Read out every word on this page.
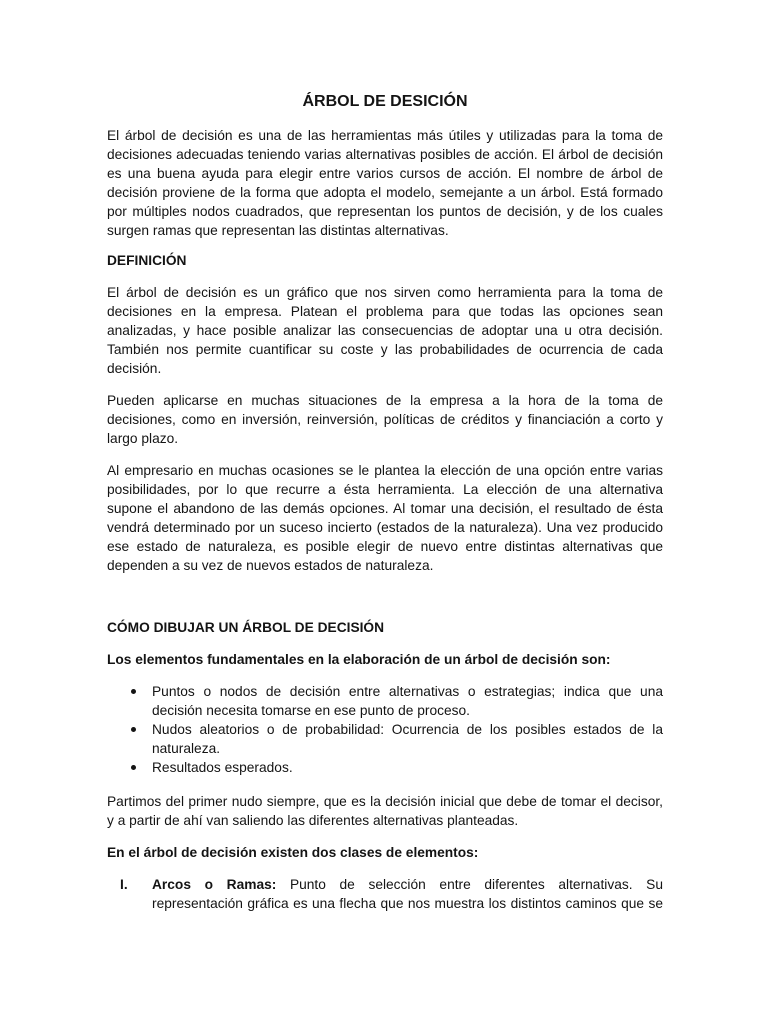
ÁRBOL DE DESICIÓN
El árbol de decisión es una de las herramientas más útiles y utilizadas para la toma de
decisiones adecuadas teniendo varias alternativas posibles de acción. El árbol de decisión
es una buena ayuda para elegir entre varios cursos de acción. El nombre de árbol de
decisión proviene de la forma que adopta el modelo, semejante a un árbol. Está formado
por múltiples nodos cuadrados, que representan los puntos de decisión, y de los cuales
surgen ramas que representan las distintas alternativas.
DEFINICIÓN
El árbol de decisión es un gráfico que nos sirven como herramienta para la toma de
decisiones en la empresa. Platean el problema para que todas las opciones sean
analizadas, y hace posible analizar las consecuencias de adoptar una u otra decisión.
También nos permite cuantificar su coste y las probabilidades de ocurrencia de cada
decisión.
Pueden aplicarse en muchas situaciones de la empresa a la hora de la toma de
decisiones, como en inversión, reinversión, políticas de créditos y financiación a corto y
largo plazo.
Al empresario en muchas ocasiones se le plantea la elección de una opción entre varias
posibilidades, por lo que recurre a ésta herramienta. La elección de una alternativa
supone el abandono de las demás opciones. Al tomar una decisión, el resultado de ésta
vendrá determinado por un suceso incierto (estados de la naturaleza). Una vez producido
ese estado de naturaleza, es posible elegir de nuevo entre distintas alternativas que
dependen a su vez de nuevos estados de naturaleza.
CÓMO DIBUJAR UN ÁRBOL DE DECISIÓN
Los elementos fundamentales en la elaboración de un árbol de decisión son:
Puntos o nodos de decisión entre alternativas o estrategias; indica que una
decisión necesita tomarse en ese punto de proceso.
Nudos aleatorios o de probabilidad: Ocurrencia de los posibles estados de la
naturaleza.
Resultados esperados.
Partimos del primer nudo siempre, que es la decisión inicial que debe de tomar el decisor,
y a partir de ahí van saliendo las diferentes alternativas planteadas.
En el árbol de decisión existen dos clases de elementos:
I. Arcos o Ramas: Punto de selección entre diferentes alternativas. Su
representación gráfica es una flecha que nos muestra los distintos caminos que se
